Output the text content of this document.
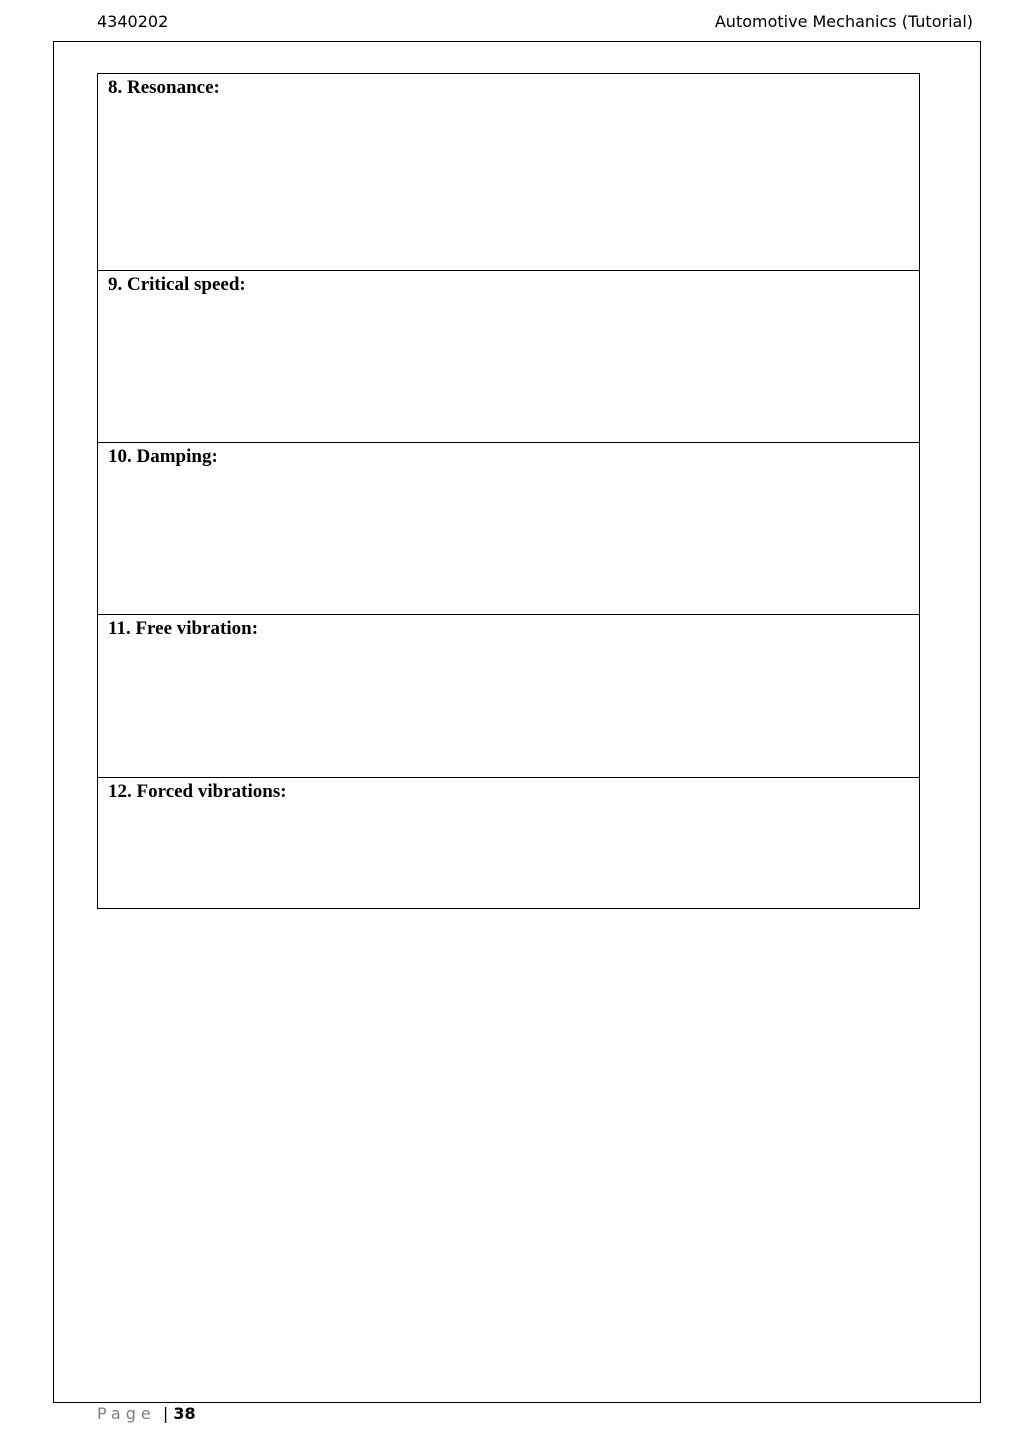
4340202	Automotive Mechanics (Tutorial)
8. Resonance:

9. Critical speed:

10. Damping:

11. Free vibration:

12. Forced vibrations:
Page | 38
